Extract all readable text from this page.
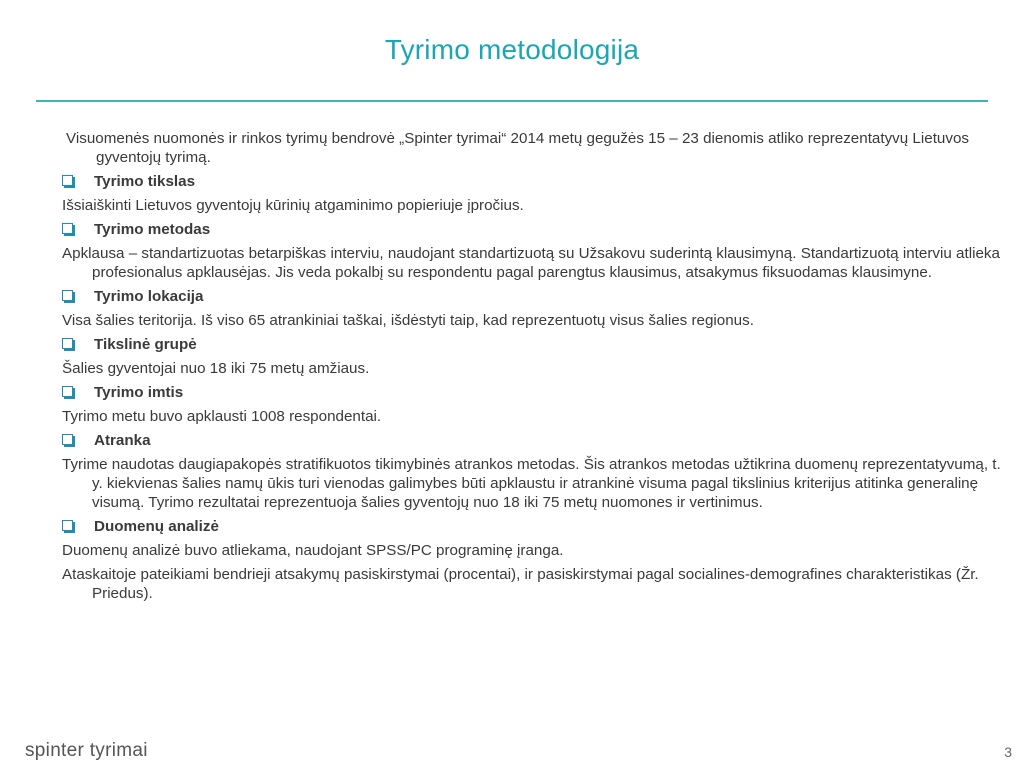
Tyrimo metodologija

Visuomenės nuomonės ir rinkos tyrimų bendrovė „Spinter tyrimai“ 2014 metų gegužės 15 – 23 dienomis atliko reprezentatyvų Lietuvos gyventojų tyrimą.

Tyrimo tikslas

Išsiaiškinti Lietuvos gyventojų kūrinių atgaminimo popieriuje įpročius.

Tyrimo metodas

Apklausa – standartizuotas betarpiškas interviu, naudojant standartizuotą su Užsakovu suderintą klausimyną. Standartizuotą interviu atlieka profesionalus apklausėjas. Jis veda pokalbį su respondentu pagal parengtus klausimus, atsakymus fiksuodamas klausimyne.

Tyrimo lokacija

Visa šalies teritorija. Iš viso 65 atrankiniai taškai, išdėstyti taip, kad reprezentuotų visus šalies regionus.

Tikslinė grupė

Šalies gyventojai nuo 18 iki 75 metų amžiaus.

Tyrimo imtis

Tyrimo metu buvo apklausti 1008 respondentai.

Atranka

Tyrime naudotas daugiapakopės stratifikuotos tikimybinės atrankos metodas. Šis atrankos metodas užtikrina duomenų reprezentatyvumą, t. y. kiekvienas šalies namų ūkis turi vienodas galimybes būti apklaustu ir atrankinė visuma pagal tikslinius kriterijus atitinka generalinę visumą. Tyrimo rezultatai reprezentuoja šalies gyventojų nuo 18 iki 75 metų nuomones ir vertinimus.

Duomenų analizė

Duomenų analizė buvo atliekama, naudojant SPSS/PC programinę įranga.

Ataskaitoje pateikiami bendrieji atsakymų pasiskirstymai (procentai), ir pasiskirstymai pagal socialines-demografines charakteristikas (Žr. Priedus).

spinter tyrimai	3
